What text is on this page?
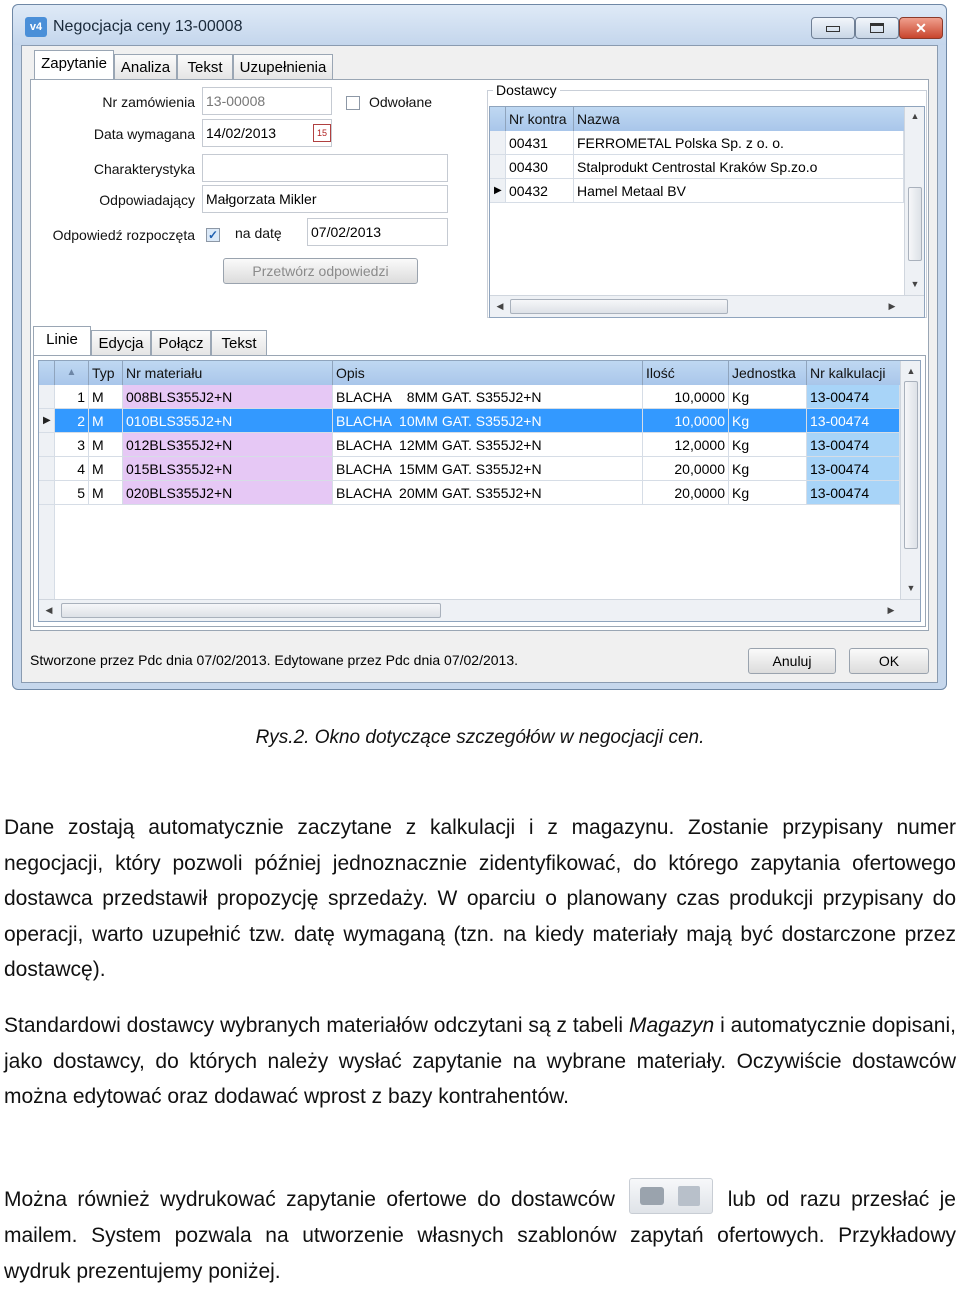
v4 Negocjacja ceny 13-00008	✕
Zapytanie Analiza	Tekst	Uzupełnienia
Nr zamówienia 13-00008	Odwołane
Data wymagana 14/02/2013	15
Charakterystyka
Odpowiadający Małgorzata Mikler
Odpowiedź rozpoczęta ✓ na datę 07/02/2013
Przetwórz odpowiedzi
Dostawcy
Nr kontra Nazwa
00431	FERROMETAL Polska Sp. z o. o.
00430	Stalprodukt Centrostal Kraków Sp.zo.o
▶ 00432	Hamel Metaal BV
▲
▼
◀	▶
Linie	Edycja Połącz	Tekst
▲	Typ Nr materiału	Opis	Ilość	Jednostka	Nr kalkulacji
1 M	008BLS355J2+N	BLACHA    8MM GAT. S355J2+N	10,0000 Kg	13-00474
▶	2 M	010BLS355J2+N	BLACHA  10MM GAT. S355J2+N	10,0000 Kg	13-00474
3 M	012BLS355J2+N	BLACHA  12MM GAT. S355J2+N	12,0000 Kg	13-00474
4 M	015BLS355J2+N	BLACHA  15MM GAT. S355J2+N	20,0000 Kg	13-00474
5 M	020BLS355J2+N	BLACHA  20MM GAT. S355J2+N	20,0000 Kg	13-00474
▲
▼
◀	▶
Stworzone przez Pdc dnia 07/02/2013. Edytowane przez Pdc dnia 07/02/2013.	Anuluj	OK
Rys.2. Okno dotyczące szczegółów w negocjacji cen.
Dane zostają automatycznie zaczytane z kalkulacji i z magazynu. Zostanie przypisany numer negocjacji, który pozwoli później jednoznacznie zidentyfikować, do którego zapytania ofertowego dostawca przedstawił propozycję sprzedaży. W oparciu o planowany czas produkcji przypisany do operacji, warto uzupełnić tzw. datę wymaganą (tzn. na kiedy materiały mają być dostarczone przez dostawcę).
Standardowi dostawcy wybranych materiałów odczytani są z tabeli Magazyn i automatycznie dopisani, jako dostawcy, do których należy wysłać zapytanie na wybrane materiały. Oczywiście dostawców można edytować oraz dodawać wprost z bazy kontrahentów.
Można również wydrukować zapytanie ofertowe do dostawców	lub od razu przesłać je mailem. System pozwala na utworzenie własnych szablonów zapytań ofertowych. Przykładowy wydruk prezentujemy poniżej.
